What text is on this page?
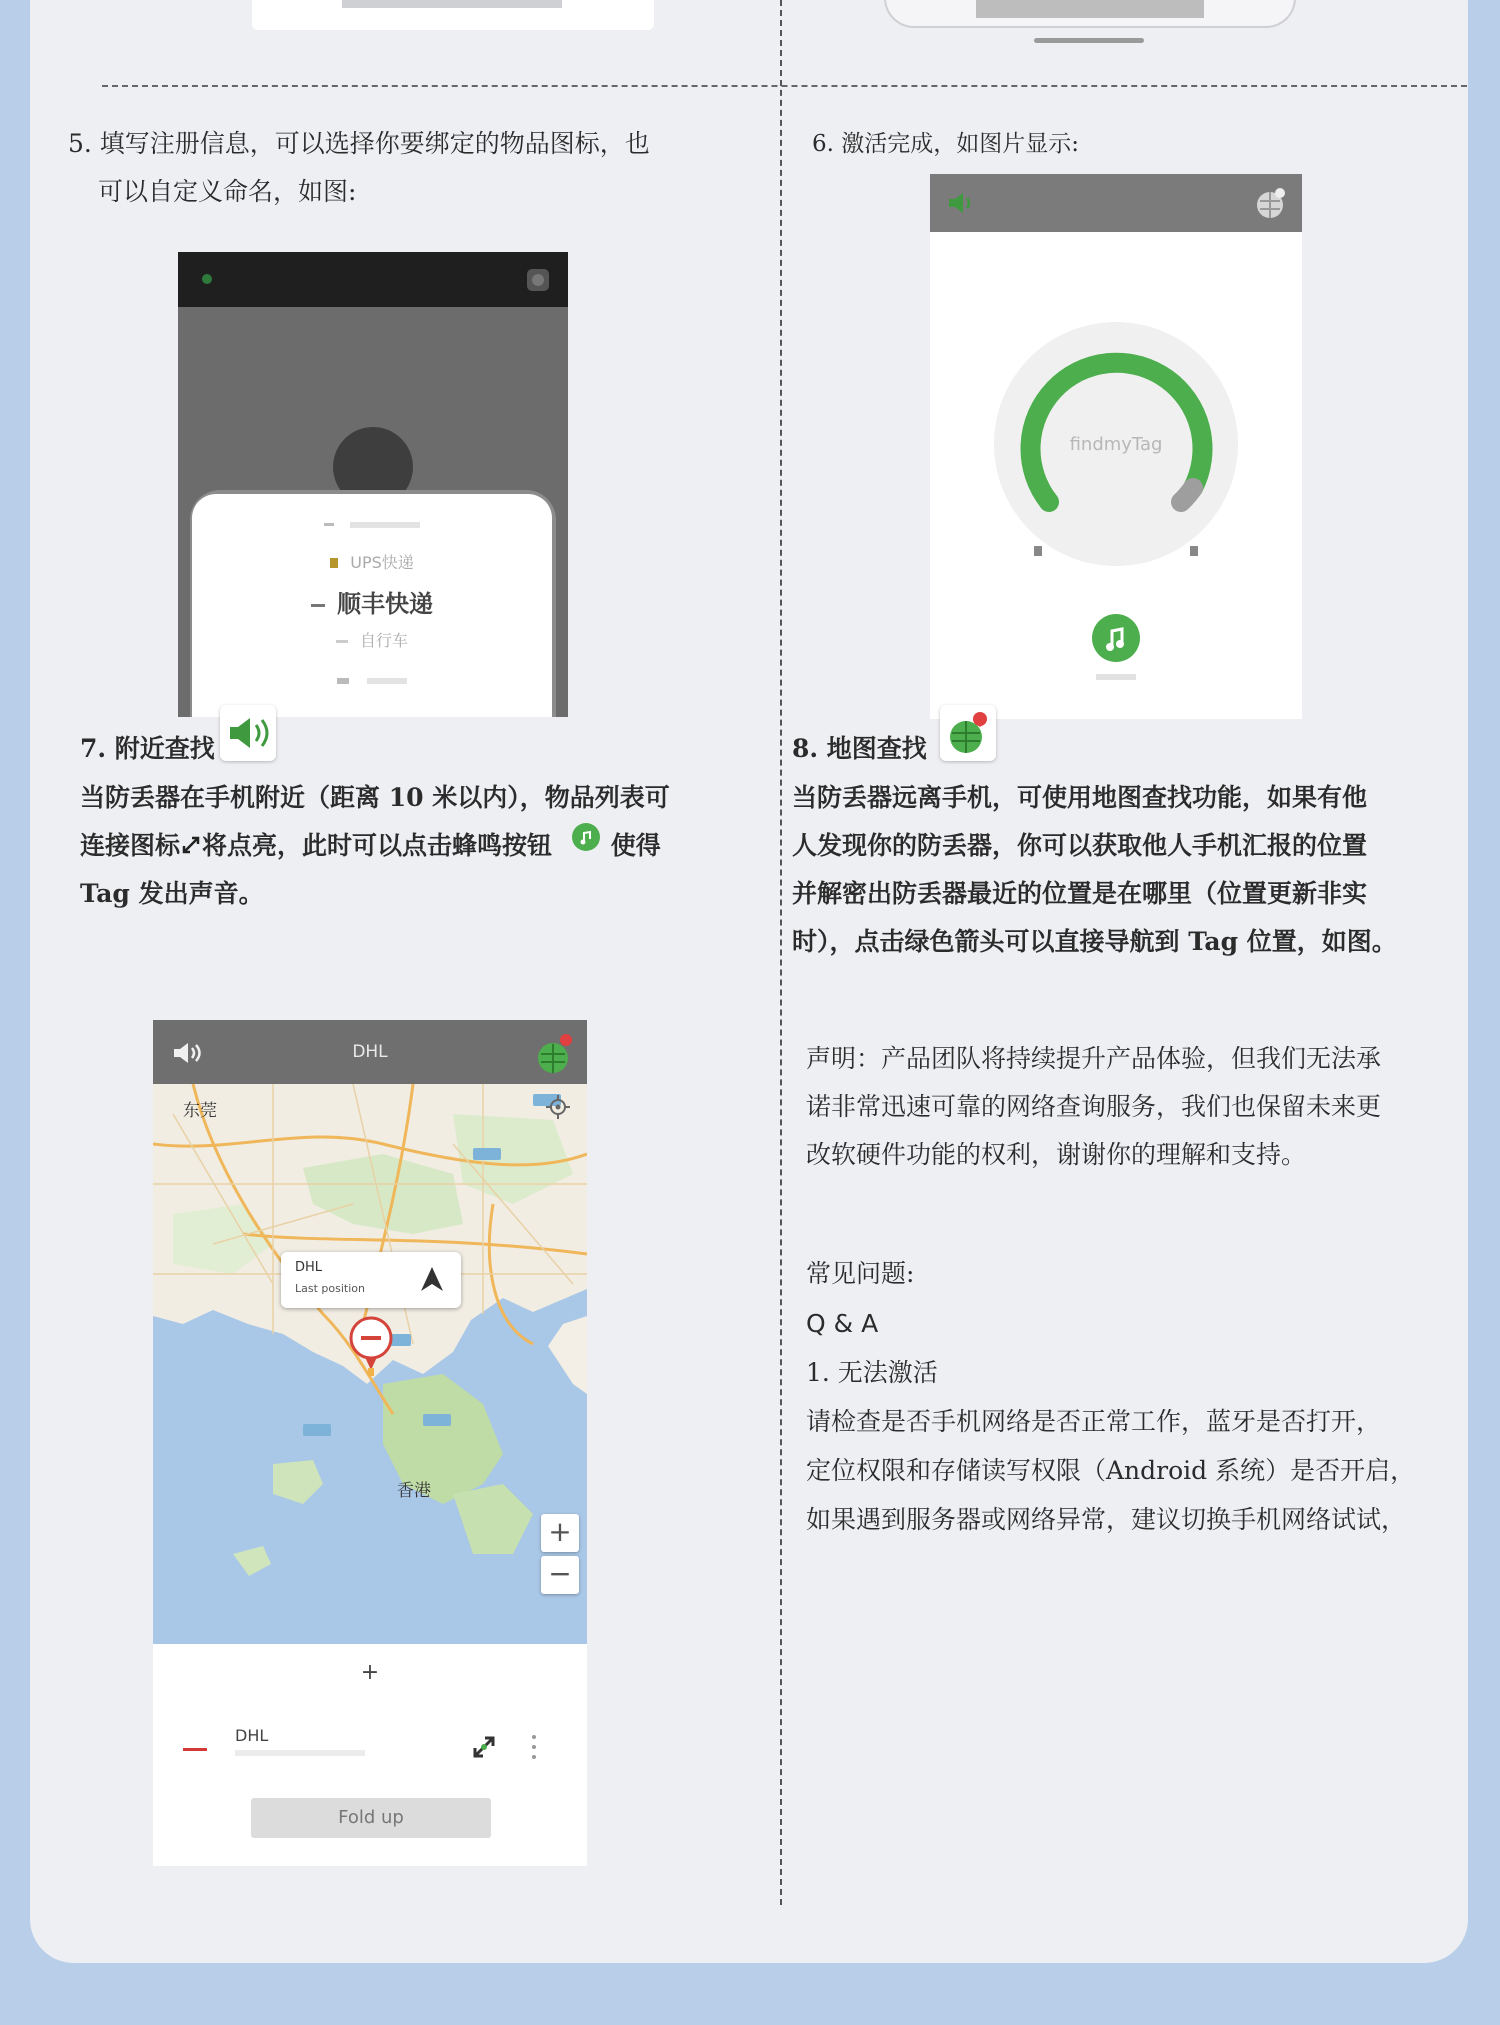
5. 填写注册信息，可以选择你要绑定的物品图标，也
可以自定义命名，如图:

UPS快递
顺丰快递
自行车

6. 激活完成，如图片显示:
findmyTag
7. 附近查找
当防丢器在手机附近（距离 10 米以内），物品列表可
连接图标 将点亮，此时可以点击蜂鸣按钮 使得
Tag 发出声音。
DHL
东莞
香港
DHL
Last position
+
−
+
DHL
Fold up
8. 地图查找
当防丢器远离手机，可使用地图查找功能，如果有他
人发现你的防丢器，你可以获取他人手机汇报的位置
并解密出防丢器最近的位置是在哪里（位置更新非实
时），点击绿色箭头可以直接导航到 Tag 位置，如图。
声明：产品团队将持续提升产品体验，但我们无法承
诺非常迅速可靠的网络查询服务，我们也保留未来更
改软硬件功能的权利，谢谢你的理解和支持。
常见问题:
Q & A
1. 无法激活
请检查是否手机网络是否正常工作，蓝牙是否打开，
定位权限和存储读写权限（Android 系统）是否开启，
如果遇到服务器或网络异常，建议切换手机网络试试，
